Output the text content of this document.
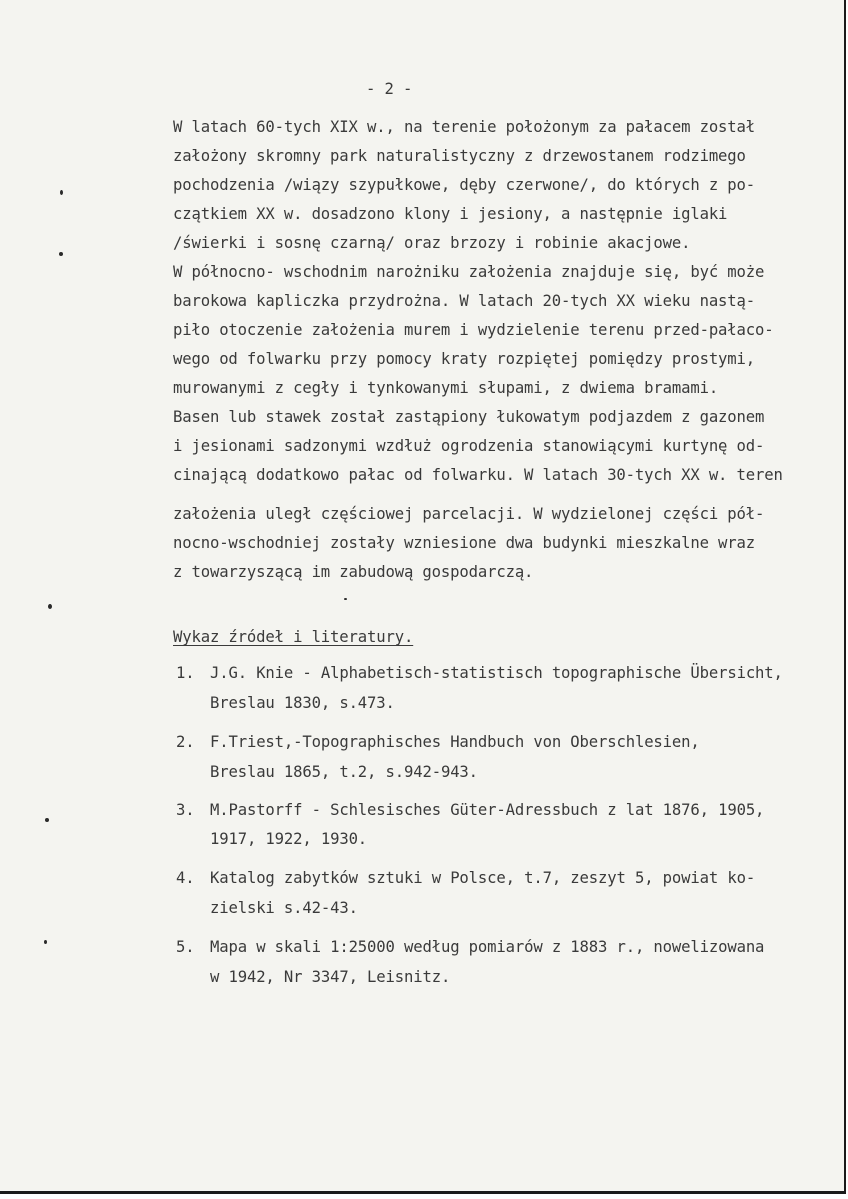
- 2 -
W latach 60-tych XIX w., na terenie położonym za pałacem został
założony skromny park naturalistyczny z drzewostanem rodzimego
pochodzenia /wiązy szypułkowe, dęby czerwone/, do których z po-
czątkiem XX w. dosadzono klony i jesiony, a następnie iglaki
/świerki i sosnę czarną/ oraz brzozy i robinie akacjowe.
W północno- wschodnim narożniku założenia znajduje się, być może
barokowa kapliczka przydrożna. W latach 20-tych XX wieku nastą-
piło otoczenie założenia murem i wydzielenie terenu przed-pałaco-
wego od folwarku przy pomocy kraty rozpiętej pomiędzy prostymi,
murowanymi z cegły i tynkowanymi słupami, z dwiema bramami.
Basen lub stawek został zastąpiony łukowatym podjazdem z gazonem
i jesionami sadzonymi wzdłuż ogrodzenia stanowiącymi kurtynę od-
cinającą dodatkowo pałac od folwarku. W latach 30-tych XX w. teren
założenia uległ częściowej parcelacji. W wydzielonej części pół-
nocno-wschodniej zostały wzniesione dwa budynki mieszkalne wraz
z towarzyszącą im zabudową gospodarczą.
Wykaz źródeł i literatury.
1. J.G. Knie - Alphabetisch-statistisch topographische Übersicht,
Breslau 1830, s.473.
2. F.Triest,-Topographisches Handbuch von Oberschlesien,
Breslau 1865, t.2, s.942-943.
3. M.Pastorff - Schlesisches Güter-Adressbuch z lat 1876, 1905,
1917, 1922, 1930.
4. Katalog zabytków sztuki w Polsce, t.7, zeszyt 5, powiat ko-
zielski s.42-43.
5. Mapa w skali 1:25000 według pomiarów z 1883 r., nowelizowana
w 1942, Nr 3347, Leisnitz.
